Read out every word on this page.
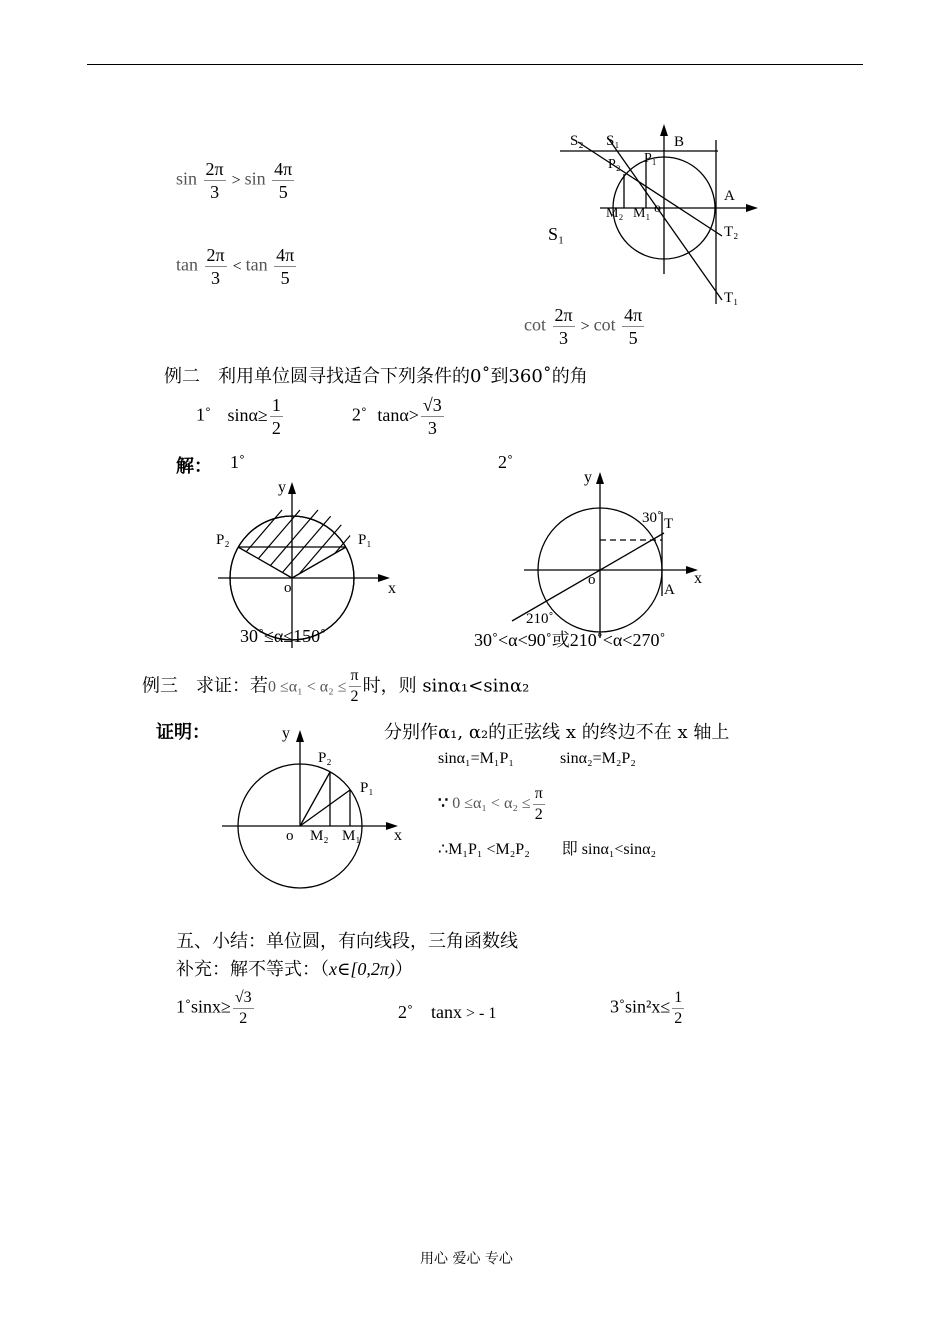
$\sin \frac{2\pi}{3} > \sin \frac{4\pi}{5}$
$\tan \frac{2\pi}{3} < \tan \frac{4\pi}{5}$
$\cot \frac{2\pi}{3} > \cot \frac{4\pi}{5}$
S₁
S₂ S₁	B
P₂ P₁
A
M₂ M₁ o
T₂
T₁
例二　利用单位圆寻找适合下列条件的0˚到360˚的角
1˚ $\sin\alpha\ge \frac{1}{2}$	2˚ $\tan\alpha> \frac{√3}{3}$
解： 1˚	2˚
y
x
o
P₂	P₁
30˚≤α≤150˚
y
x
o
30˚ T
A
210˚
30˚<α<90˚或210˚<α<270˚
例三　求证：若$0 \le\alpha_1 < \alpha_2 \le \frac{\pi}{2}$ 时，则 sinα₁<sinα₂
证明：	分别作α₁, α₂的正弦线 x 的终边不在 x 轴上
sinα₁=M₁P₁	sinα₂=M₂P₂
∵ $0 \le\alpha_1 < \alpha_2 \le \frac{\pi}{2}$
∴M₁P₁ <M₂P₂　　即 sinα₁<sinα₂
y
x
o
P₂
P₁
M₂ M₁
五、小结：单位圆，有向线段，三角函数线
补充：解不等式：（x∈[0,2π)）
1˚sinx≥ $\frac{√3}{2}$	2˚　tanx > - 1	3˚sin²x≤ $\frac{1}{2}$
用心 爱心 专心
